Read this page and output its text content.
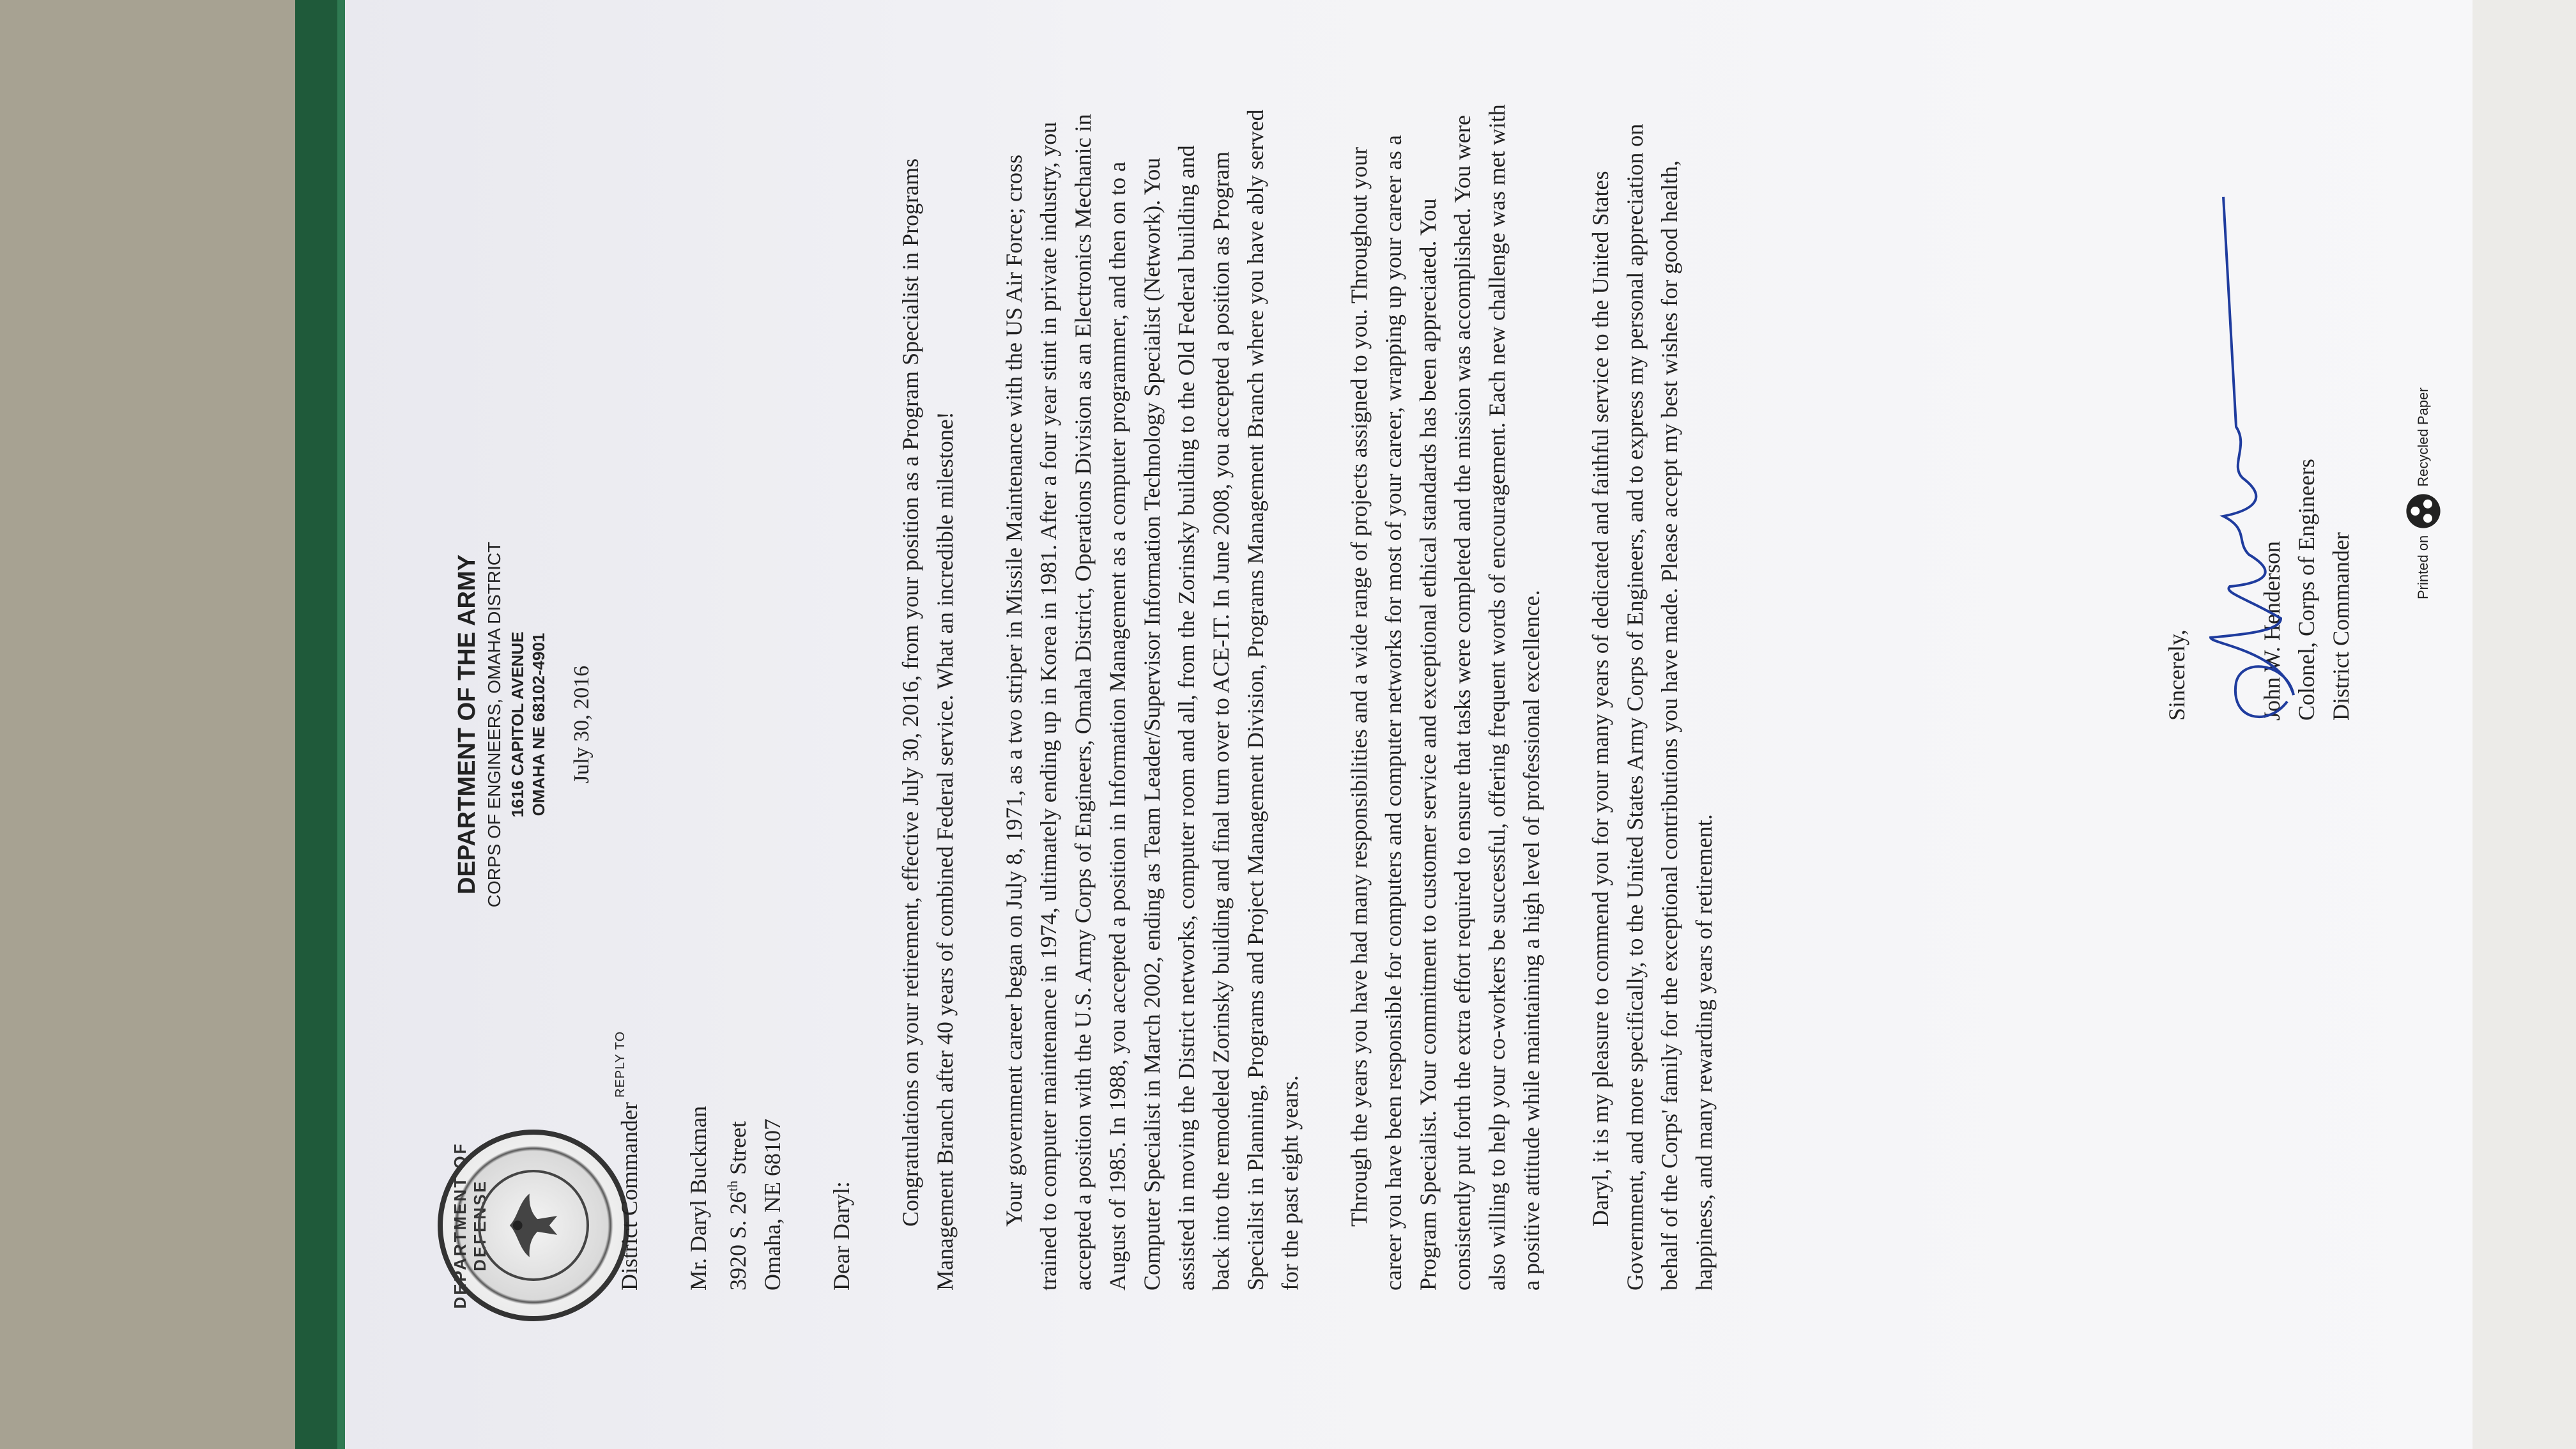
DEPARTMENT OF DEFENSE
REPLY TO
DEPARTMENT OF THE ARMY CORPS OF ENGINEERS, OMAHA DISTRICT 1616 CAPITOL AVENUE OMAHA NE 68102-4901 July 30, 2016

District Commander Mr. Daryl Buckman 3920 S. 26th Street Omaha, NE 68107 Dear Daryl:

Congratulations on your retirement, effective July 30, 2016, from your position as a Program Specialist in Programs Management Branch after 40 years of combined Federal service. What an incredible milestone! Your government career began on July 8, 1971, as a two striper in Missile Maintenance with the US Air Force; cross trained to computer maintenance in 1974, ultimately ending up in Korea in 1981. After a four year stint in private industry, you accepted a position with the U.S. Army Corps of Engineers, Omaha District, Operations Division as an Electronics Mechanic in August of 1985. In 1988, you accepted a position in Information Management as a computer programmer, and then on to a Computer Specialist in March 2002, ending as Team Leader/Supervisor Information Technology Specialist (Network). You assisted in moving the District networks, computer room and all, from the Zorinsky building to the Old Federal building and back into the remodeled Zorinsky building and final turn over to ACE-IT. In June 2008, you accepted a position as Program Specialist in Planning, Programs and Project Management Division, Programs Management Branch where you have ably served for the past eight years. Through the years you have had many responsibilities and a wide range of projects assigned to you. Throughout your career you have been responsible for computers and computer networks for most of your career, wrapping up your career as a Program Specialist. Your commitment to customer service and exceptional ethical standards has been appreciated. You consistently put forth the extra effort required to ensure that tasks were completed and the mission was accomplished. You were also willing to help your co-workers be successful, offering frequent words of encouragement. Each new challenge was met with a positive attitude while maintaining a high level of professional excellence. Daryl, it is my pleasure to commend you for your many years of dedicated and faithful service to the United States Government, and more specifically, to the United States Army Corps of Engineers, and to express my personal appreciation on behalf of the Corps' family for the exceptional contributions you have made. Please accept my best wishes for good health, happiness, and many rewarding years of retirement.

Sincerely,	John W. Henderson Colonel, Corps of Engineers District Commander	Printed on
Recycled Paper
